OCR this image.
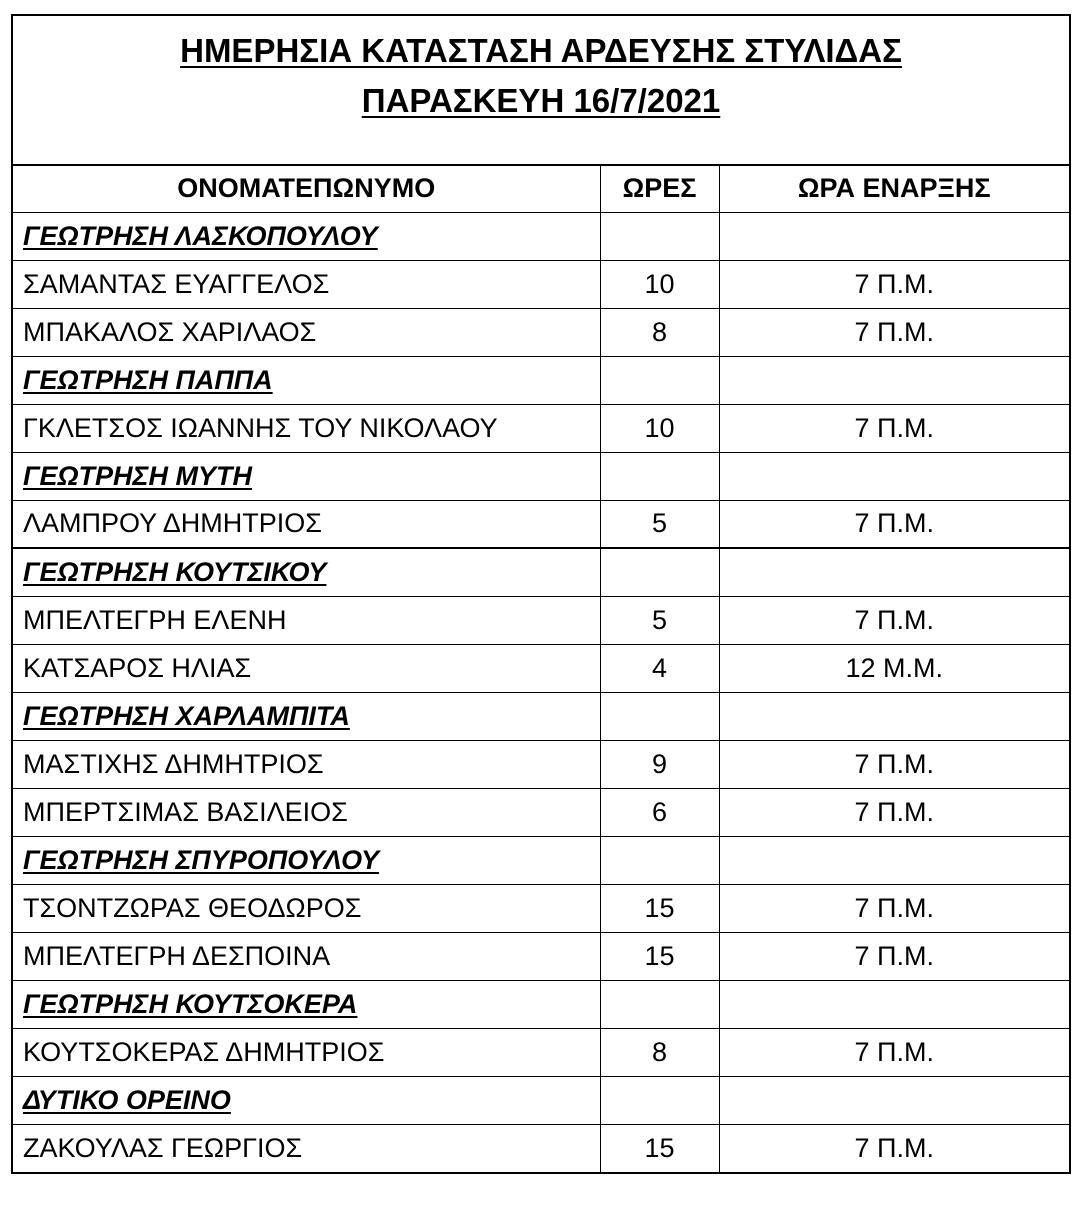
ΗΜΕΡΗΣΙΑ ΚΑΤΑΣΤΑΣΗ ΑΡΔΕΥΣΗΣ ΣΤΥΛΙΔΑΣ
ΠΑΡΑΣΚΕΥΗ 16/7/2021
ΟΝΟΜΑΤΕΠΩΝΥΜΟ	ΩΡΕΣ	ΩΡΑ ΕΝΑΡΞΗΣ
ΓΕΩΤΡΗΣΗ ΛΑΣΚΟΠΟΥΛΟΥ		
ΣΑΜΑΝΤΑΣ ΕΥΑΓΓΕΛΟΣ	10	7 Π.Μ.
ΜΠΑΚΑΛΟΣ ΧΑΡΙΛΑΟΣ	8	7 Π.Μ.
ΓΕΩΤΡΗΣΗ ΠΑΠΠΑ		
ΓΚΛΕΤΣΟΣ ΙΩΑΝΝΗΣ ΤΟΥ ΝΙΚΟΛΑΟΥ	10	7 Π.Μ.
ΓΕΩΤΡΗΣΗ ΜΥΤΗ		
ΛΑΜΠΡΟΥ ΔΗΜΗΤΡΙΟΣ	5	7 Π.Μ.
ΓΕΩΤΡΗΣΗ ΚΟΥΤΣΙΚΟΥ		
ΜΠΕΛΤΕΓΡΗ ΕΛΕΝΗ	5	7 Π.Μ.
ΚΑΤΣΑΡΟΣ ΗΛΙΑΣ	4	12 Μ.Μ.
ΓΕΩΤΡΗΣΗ ΧΑΡΛΑΜΠΙΤΑ		
ΜΑΣΤΙΧΗΣ ΔΗΜΗΤΡΙΟΣ	9	7 Π.Μ.
ΜΠΕΡΤΣΙΜΑΣ ΒΑΣΙΛΕΙΟΣ	6	7 Π.Μ.
ΓΕΩΤΡΗΣΗ ΣΠΥΡΟΠΟΥΛΟΥ		
ΤΣΟΝΤΖΩΡΑΣ ΘΕΟΔΩΡΟΣ	15	7 Π.Μ.
ΜΠΕΛΤΕΓΡΗ ΔΕΣΠΟΙΝΑ	15	7 Π.Μ.
ΓΕΩΤΡΗΣΗ ΚΟΥΤΣΟΚΕΡΑ		
ΚΟΥΤΣΟΚΕΡΑΣ ΔΗΜΗΤΡΙΟΣ	8	7 Π.Μ.
ΔΥΤΙΚΟ ΟΡΕΙΝΟ		
ΖΑΚΟΥΛΑΣ ΓΕΩΡΓΙΟΣ	15	7 Π.Μ.
